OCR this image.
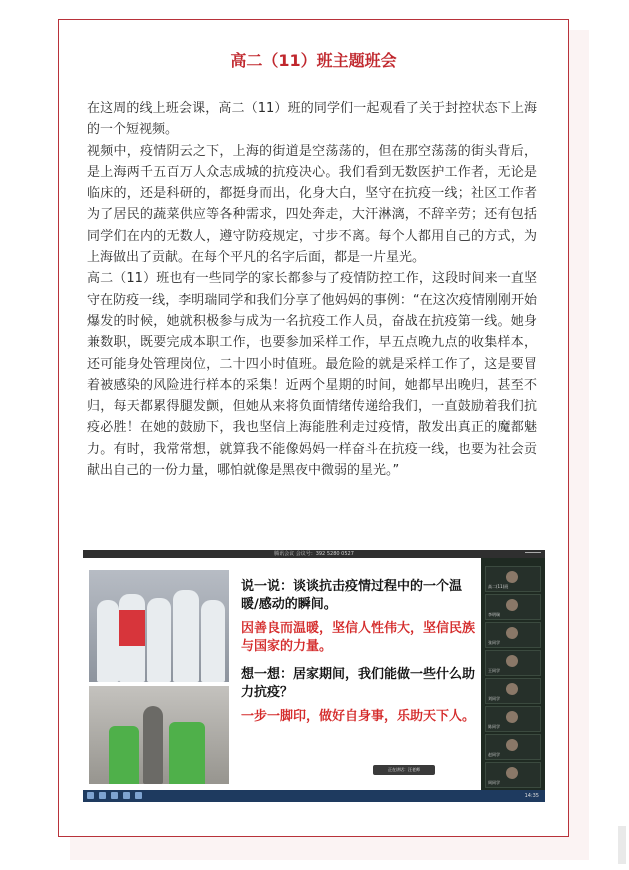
高二（11）班主题班会

在这周的线上班会课，高二（11）班的同学们一起观看了关于封控状态下上海的一个短视频。

视频中，疫情阴云之下，上海的街道是空荡荡的，但在那空荡荡的街头背后，是上海两千五百万人众志成城的抗疫决心。我们看到无数医护工作者，无论是临床的，还是科研的，都挺身而出，化身大白，坚守在抗疫一线；社区工作者为了居民的蔬菜供应等各种需求，四处奔走，大汗淋漓，不辞辛劳；还有包括同学们在内的无数人，遵守防疫规定，寸步不离。每个人都用自己的方式，为上海做出了贡献。在每个平凡的名字后面，都是一片星光。

高二（11）班也有一些同学的家长都参与了疫情防控工作，这段时间来一直坚守在防疫一线，李明瑞同学和我们分享了他妈妈的事例：“在这次疫情刚刚开始爆发的时候，她就积极参与成为一名抗疫工作人员，奋战在抗疫第一线。她身兼数职，既要完成本职工作，也要参加采样工作，早五点晚九点的收集样本，还可能身处管理岗位，二十四小时值班。最危险的就是采样工作了，这是要冒着被感染的风险进行样本的采集！近两个星期的时间，她都早出晚归，甚至不归，每天都累得腿发颤，但她从来将负面情绪传递给我们，一直鼓励着我们抗疫必胜！在她的鼓励下，我也坚信上海能胜利走过疫情，散发出真正的魔都魅力。有时，我常常想，就算我不能像妈妈一样奋斗在抗疫一线，也要为社会贡献出自己的一份力量，哪怕就像是黑夜中微弱的星光。”

腾讯会议 会议号：392 5280 0527

说一说：谈谈抗击疫情过程中的一个温暖/感动的瞬间。

因善良而温暖，坚信人性伟大，坚信民族与国家的力量。

想一想：居家期间，我们能做一些什么助力抗疫？

一步一脚印，做好自身事，乐助天下人。

正在讲话：汪老师
高二(11)班
李明瑞
张同学
王同学
刘同学
陈同学
赵同学
周同学
14:35
